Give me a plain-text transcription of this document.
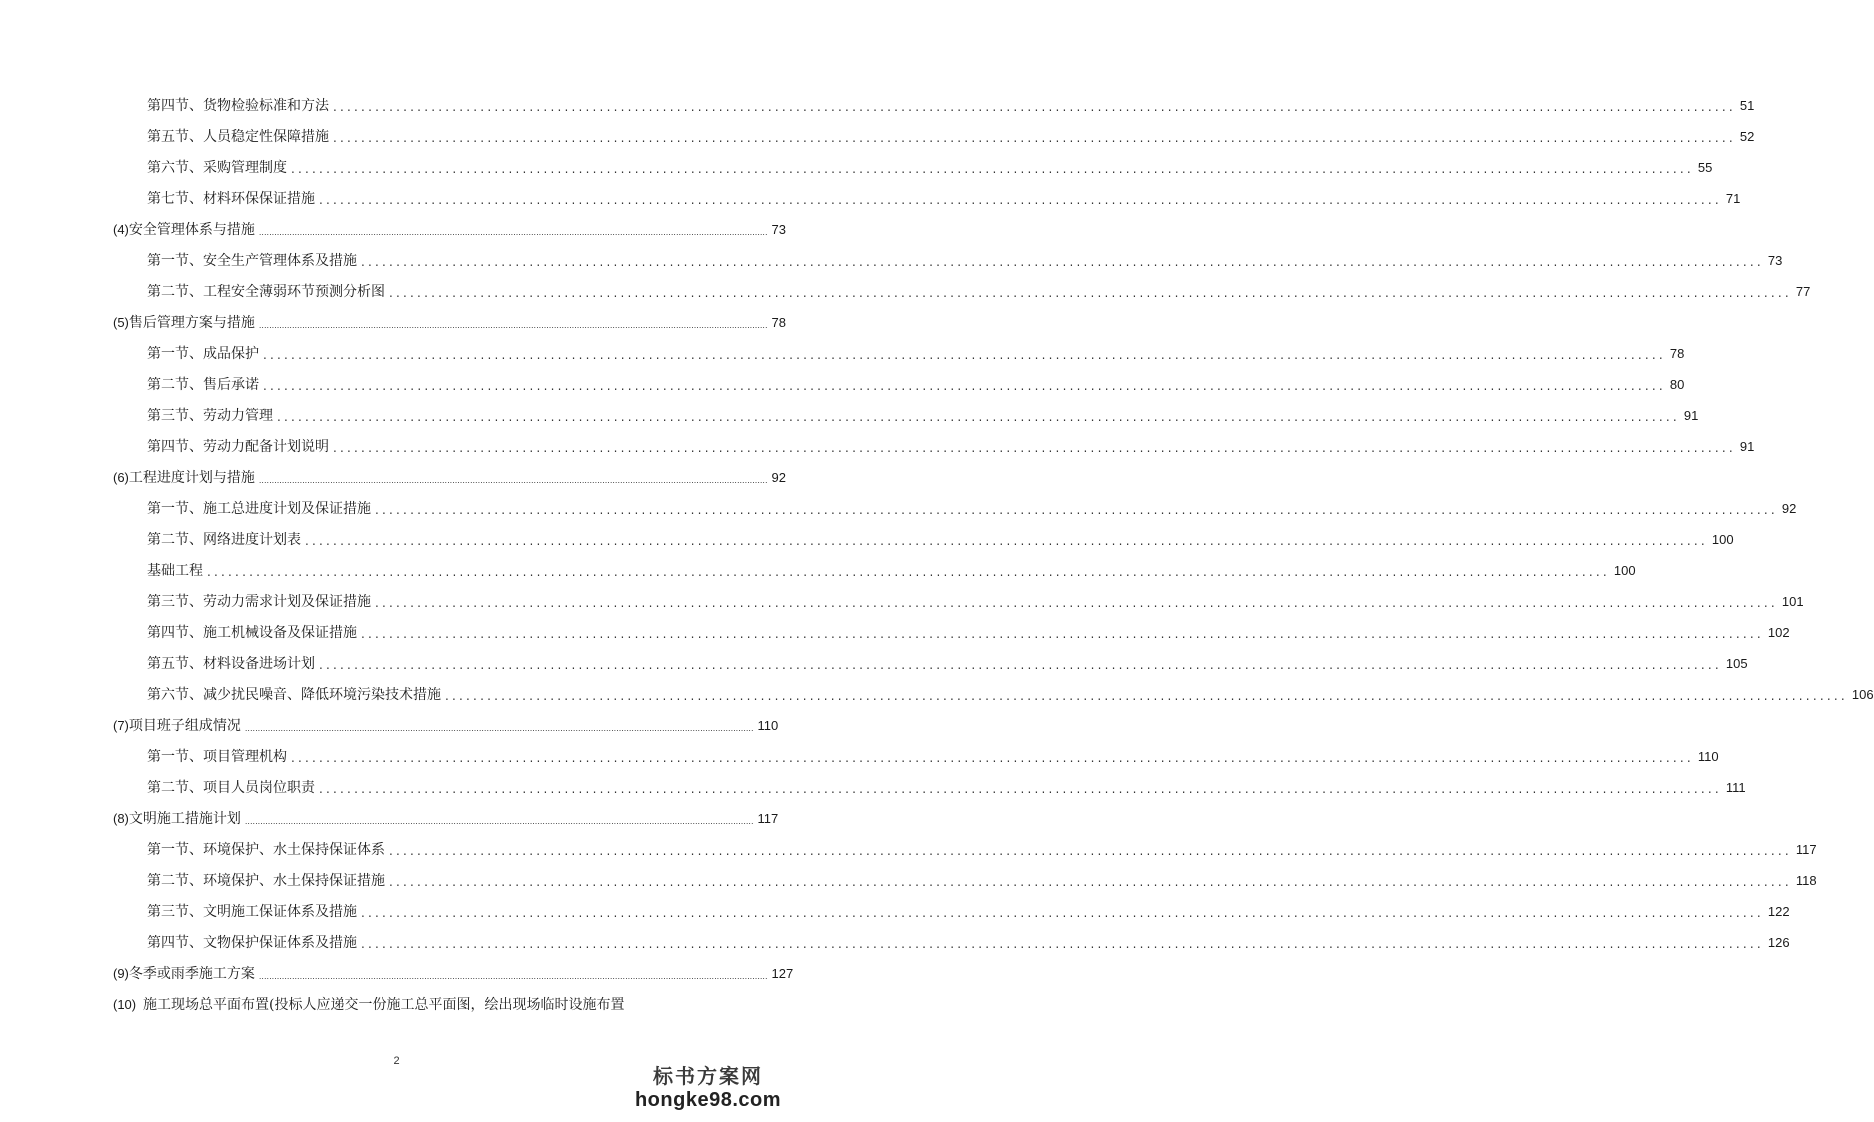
第四节、货物检验标准和方法 ........................................................................................................................................................................................................ 51
第五节、人员稳定性保障措施 ........................................................................................................................................................................................................ 52
第六节、采购管理制度 ........................................................................................................................................................................................................ 55
第七节、材料环保保证措施 ........................................................................................................................................................................................................ 71
(4) 安全管理体系与措施 ........................................................................................................................................................................................................ 73
第一节、安全生产管理体系及措施 ........................................................................................................................................................................................................ 73
第二节、工程安全薄弱环节预测分析图 ........................................................................................................................................................................................................ 77
(5) 售后管理方案与措施 ........................................................................................................................................................................................................ 78
第一节、成品保护 ........................................................................................................................................................................................................ 78
第二节、售后承诺 ........................................................................................................................................................................................................ 80
第三节、劳动力管理 ........................................................................................................................................................................................................ 91
第四节、劳动力配备计划说明 ........................................................................................................................................................................................................ 91
(6) 工程进度计划与措施 ........................................................................................................................................................................................................ 92
第一节、施工总进度计划及保证措施 ........................................................................................................................................................................................................ 92
第二节、网络进度计划表 ........................................................................................................................................................................................................ 100
基础工程 ........................................................................................................................................................................................................ 100
第三节、劳动力需求计划及保证措施 ........................................................................................................................................................................................................ 101
第四节、施工机械设备及保证措施 ........................................................................................................................................................................................................ 102
第五节、材料设备进场计划 ........................................................................................................................................................................................................ 105
第六节、减少扰民噪音、降低环境污染技术措施 ........................................................................................................................................................................................................ 106
(7) 项目班子组成情况 ........................................................................................................................................................................................................ 110
第一节、项目管理机构 ........................................................................................................................................................................................................ 110
第二节、项目人员岗位职责 ........................................................................................................................................................................................................ 111
(8) 文明施工措施计划 ........................................................................................................................................................................................................ 117
第一节、环境保护、水土保持保证体系 ........................................................................................................................................................................................................ 117
第二节、环境保护、水土保持保证措施 ........................................................................................................................................................................................................ 118
第三节、文明施工保证体系及措施 ........................................................................................................................................................................................................ 122
第四节、文物保护保证体系及措施 ........................................................................................................................................................................................................ 126
(9) 冬季或雨季施工方案 ........................................................................................................................................................................................................ 127
(10) 施工现场总平面布置(投标人应递交一份施工总平面图，绘出现场临时设施布置
2
标书方案网
hongke98.com
